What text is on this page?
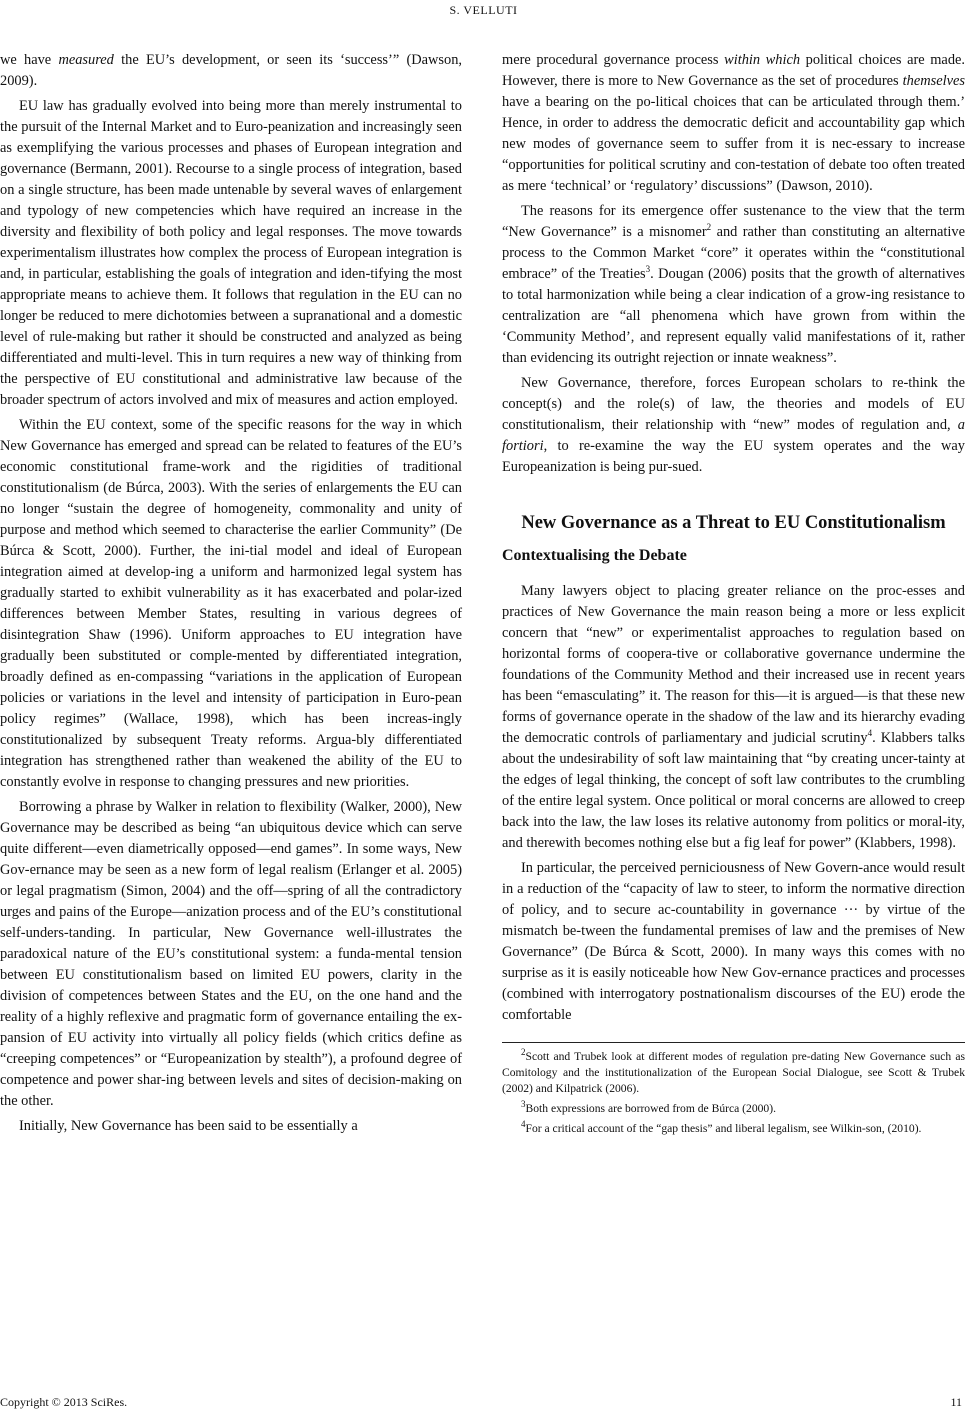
S. VELLUTI

we have measured the EU’s development, or seen its ‘success’” (Dawson, 2009).

EU law has gradually evolved into being more than merely instrumental to the pursuit of the Internal Market and to Euro-peanization and increasingly seen as exemplifying the various processes and phases of European integration and governance (Bermann, 2001). Recourse to a single process of integration, based on a single structure, has been made untenable by several waves of enlargement and typology of new competencies which have required an increase in the diversity and flexibility of both policy and legal responses. The move towards experimentalism illustrates how complex the process of European integration is and, in particular, establishing the goals of integration and iden-tifying the most appropriate means to achieve them. It follows that regulation in the EU can no longer be reduced to mere dichotomies between a supranational and a domestic level of rule-making but rather it should be constructed and analyzed as being differentiated and multi-level. This in turn requires a new way of thinking from the perspective of EU constitutional and administrative law because of the broader spectrum of actors involved and mix of measures and action employed.

Within the EU context, some of the specific reasons for the way in which New Governance has emerged and spread can be related to features of the EU’s economic constitutional frame-work and the rigidities of traditional constitutionalism (de Búrca, 2003). With the series of enlargements the EU can no longer “sustain the degree of homogeneity, commonality and unity of purpose and method which seemed to characterise the earlier Community” (De Búrca & Scott, 2000). Further, the ini-tial model and ideal of European integration aimed at develop-ing a uniform and harmonized legal system has gradually started to exhibit vulnerability as it has exacerbated and polar-ized differences between Member States, resulting in various degrees of disintegration Shaw (1996). Uniform approaches to EU integration have gradually been substituted or comple-mented by differentiated integration, broadly defined as en-compassing “variations in the application of European policies or variations in the level and intensity of participation in Euro-pean policy regimes” (Wallace, 1998), which has been increas-ingly constitutionalized by subsequent Treaty reforms. Argua-bly differentiated integration has strengthened rather than weakened the ability of the EU to constantly evolve in response to changing pressures and new priorities.

Borrowing a phrase by Walker in relation to flexibility (Walker, 2000), New Governance may be described as being “an ubiquitous device which can serve quite different—even diametrically opposed—end games”. In some ways, New Gov-ernance may be seen as a new form of legal realism (Erlanger et al. 2005) or legal pragmatism (Simon, 2004) and the off—spring of all the contradictory urges and pains of the Europe—anization process and of the EU’s constitutional self-unders-tanding. In particular, New Governance well-illustrates the paradoxical nature of the EU’s constitutional system: a funda-mental tension between EU constitutionalism based on limited EU powers, clarity in the division of competences between States and the EU, on the one hand and the reality of a highly reflexive and pragmatic form of governance entailing the ex-pansion of EU activity into virtually all policy fields (which critics define as “creeping competences” or “Europeanization by stealth”), a profound degree of competence and power shar-ing between levels and sites of decision-making on the other.

Initially, New Governance has been said to be essentially a

mere procedural governance process within which political choices are made. However, there is more to New Governance as the set of procedures themselves have a bearing on the po-litical choices that can be articulated through them.’ Hence, in order to address the democratic deficit and accountability gap which new modes of governance seem to suffer from it is nec-essary to increase “opportunities for political scrutiny and con-testation of debate too often treated as mere ‘technical’ or ‘regulatory’ discussions” (Dawson, 2010).

The reasons for its emergence offer sustenance to the view that the term “New Governance” is a misnomer$^2$ and rather than constituting an alternative process to the Common Market “core” it operates within the “constitutional embrace” of the Treaties$^3$. Dougan (2006) posits that the growth of alternatives to total harmonization while being a clear indication of a grow-ing resistance to centralization are “all phenomena which have grown from within the ‘Community Method’, and represent equally valid manifestations of it, rather than evidencing its outright rejection or innate weakness”.

New Governance, therefore, forces European scholars to re-think the concept(s) and the role(s) of law, the theories and models of EU constitutionalism, their relationship with “new” modes of regulation and, a fortiori, to re-examine the way the EU system operates and the way Europeanization is being pur-sued.

New Governance as a Threat to EU Constitutionalism
Contextualising the Debate

Many lawyers object to placing greater reliance on the proc-esses and practices of New Governance the main reason being a more or less explicit concern that “new” or experimentalist approaches to regulation based on horizontal forms of coopera-tive or collaborative governance undermine the foundations of the Community Method and their increased use in recent years has been “emasculating” it. The reason for this—it is argued—is that these new forms of governance operate in the shadow of the law and its hierarchy evading the democratic controls of parliamentary and judicial scrutiny$^4$. Klabbers talks about the undesirability of soft law maintaining that “by creating uncer-tainty at the edges of legal thinking, the concept of soft law contributes to the crumbling of the entire legal system. Once political or moral concerns are allowed to creep back into the law, the law loses its relative autonomy from politics or moral-ity, and therewith becomes nothing else but a fig leaf for power” (Klabbers, 1998).

In particular, the perceived perniciousness of New Govern-ance would result in a reduction of the “capacity of law to steer, to inform the normative direction of policy, and to secure ac-countability in governance ··· by virtue of the mismatch be-tween the fundamental premises of law and the premises of New Governance” (De Búrca & Scott, 2000). In many ways this comes with no surprise as it is easily noticeable how New Gov-ernance practices and processes (combined with interrogatory postnationalism discourses of the EU) erode the comfortable

$^2$Scott and Trubek look at different modes of regulation pre-dating New Governance such as Comitology and the institutionalization of the European Social Dialogue, see Scott & Trubek (2002) and Kilpatrick (2006).

$^3$Both expressions are borrowed from de Búrca (2000).

$^4$For a critical account of the “gap thesis” and liberal legalism, see Wilkin-son, (2010).

Copyright © 2013 SciRes.	11
